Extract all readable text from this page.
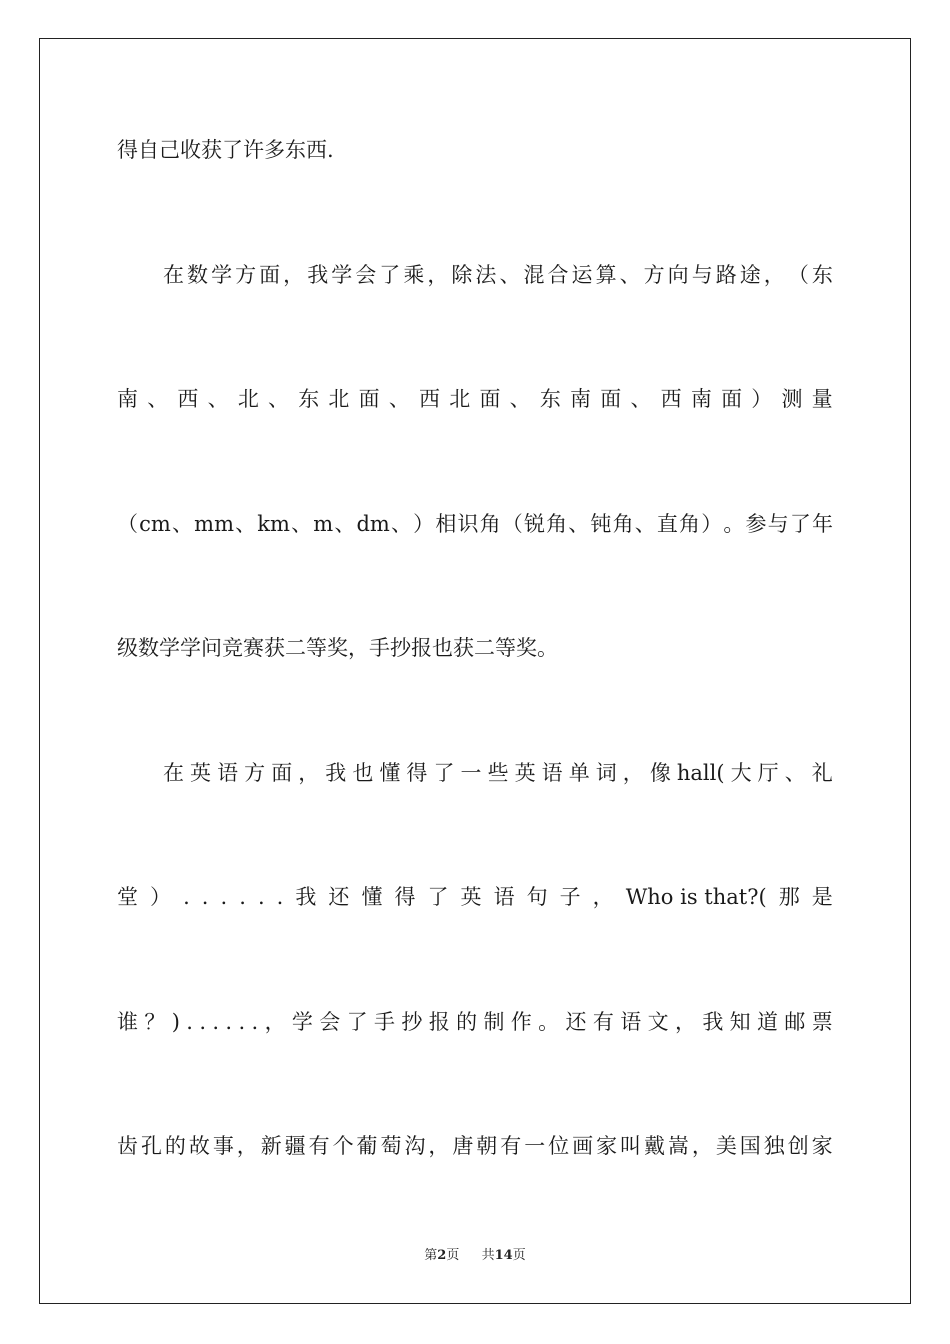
得自己收获了许多东西.
在 数 学 方 面 ， 我 学 会 了 乘 ， 除 法 、 混 合 运 算 、 方 向 与 路 途 ， （ 东
南 、 西 、 北 、 东 北 面 、 西 北 面 、 东 南 面 、 西 南 面 ） 测 量
（ cm 、 mm 、 km 、 m 、 dm 、 ） 相 识 角 （ 锐 角 、 钝 角 、 直 角 ） 。 参 与 了 年
级数学学问竞赛获二等奖，手抄报也获二等奖。
在 英 语 方 面 ， 我 也 懂 得 了 一 些 英 语 单 词 ， 像 hall( 大 厅 、 礼
堂 ） . . . . . . 我 还 懂 得 了 英 语 句 子 ， Who is that?( 那 是
谁 ？ ) . . . . . . ， 学 会 了 手 抄 报 的 制 作 。 还 有 语 文 ， 我 知 道 邮 票
齿 孔 的 故 事 ， 新 疆 有 个 葡 萄 沟 ， 唐 朝 有 一 位 画 家 叫 戴 嵩 ， 美 国 独 创 家
第2页 共14页
